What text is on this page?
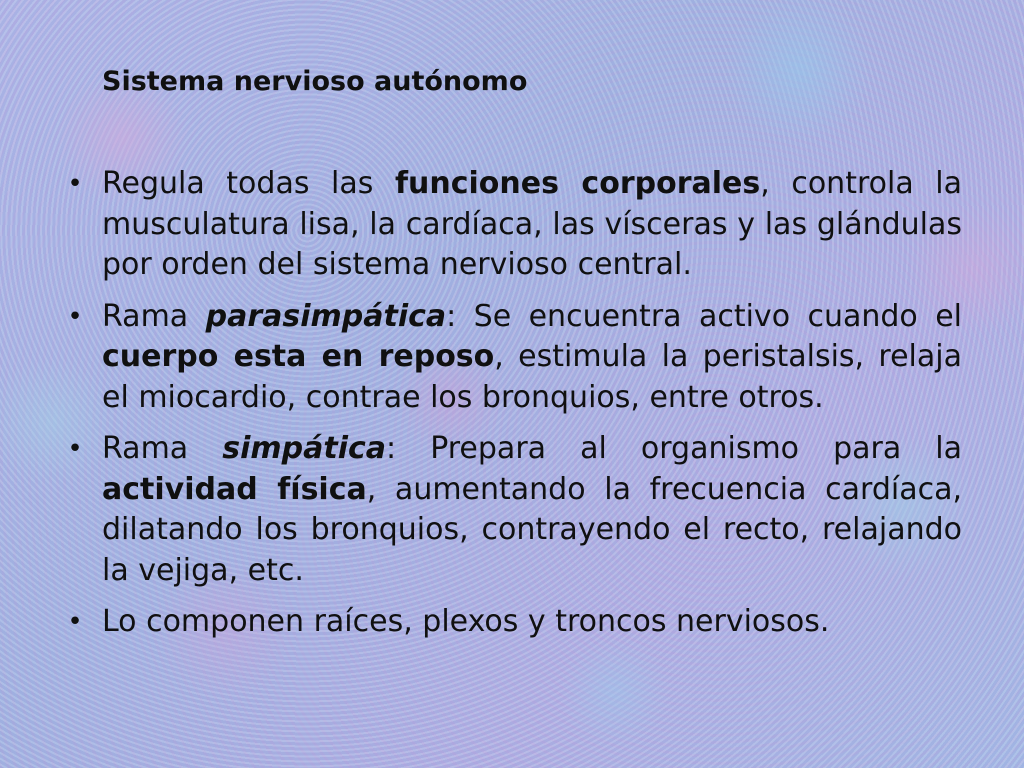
Sistema nervioso autónomo
• Regula todas las funciones corporales, controla la musculatura lisa, la cardíaca, las vísceras y las glándulas por orden del sistema nervioso central.
• Rama parasimpática: Se encuentra activo cuando el cuerpo esta en reposo, estimula la peristalsis, relaja el miocardio, contrae los bronquios, entre otros.
• Rama simpática: Prepara al organismo para la actividad física, aumentando la frecuencia cardíaca, dilatando los bronquios, contrayendo el recto, relajando la vejiga, etc.
• Lo componen raíces, plexos y troncos nerviosos.
